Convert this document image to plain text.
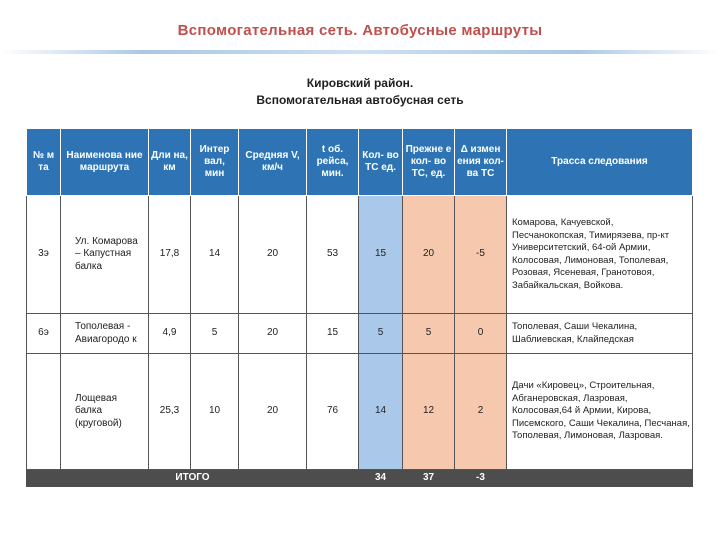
Вспомогательная сеть. Автобусные маршруты
Кировский район.
Вспомогательная автобусная сеть
№ м та	Наименова ние маршрута	Дли на, км	Интер вал, мин	Средняя V, км/ч	t об. рейса, мин.	Кол- во ТС ед.	Прежне е кол- во ТС, ед.	Δ измен ения кол-ва ТС	Трасса следования
3э	Ул. Комарова – Капустная балка	17,8	14	20	53	15	20	-5	Комарова, Качуевской, Песчанокопская, Тимирязева, пр-кт Университетский, 64-ой Армии, Колосовая, Лимоновая, Тополевая, Розовая, Ясеневая, Гранотовоя, Забайкальская, Войкова.
6э	Тополевая - Авиагородо к	4,9	5	20	15	5	5	0	Тополевая, Саши Чекалина, Шаблиевская, Клайпедская
	Лощевая балка (круговой)	25,3	10	20	76	14	12	2	Дачи «Кировец», Строительная, Абганеровская, Лазровая, Колосовая,64 й Армии, Кирова, Писемского, Саши Чекалина, Песчаная, Тополевая, Лимоновая, Лазровая.
ИТОГО						34	37	-3	
